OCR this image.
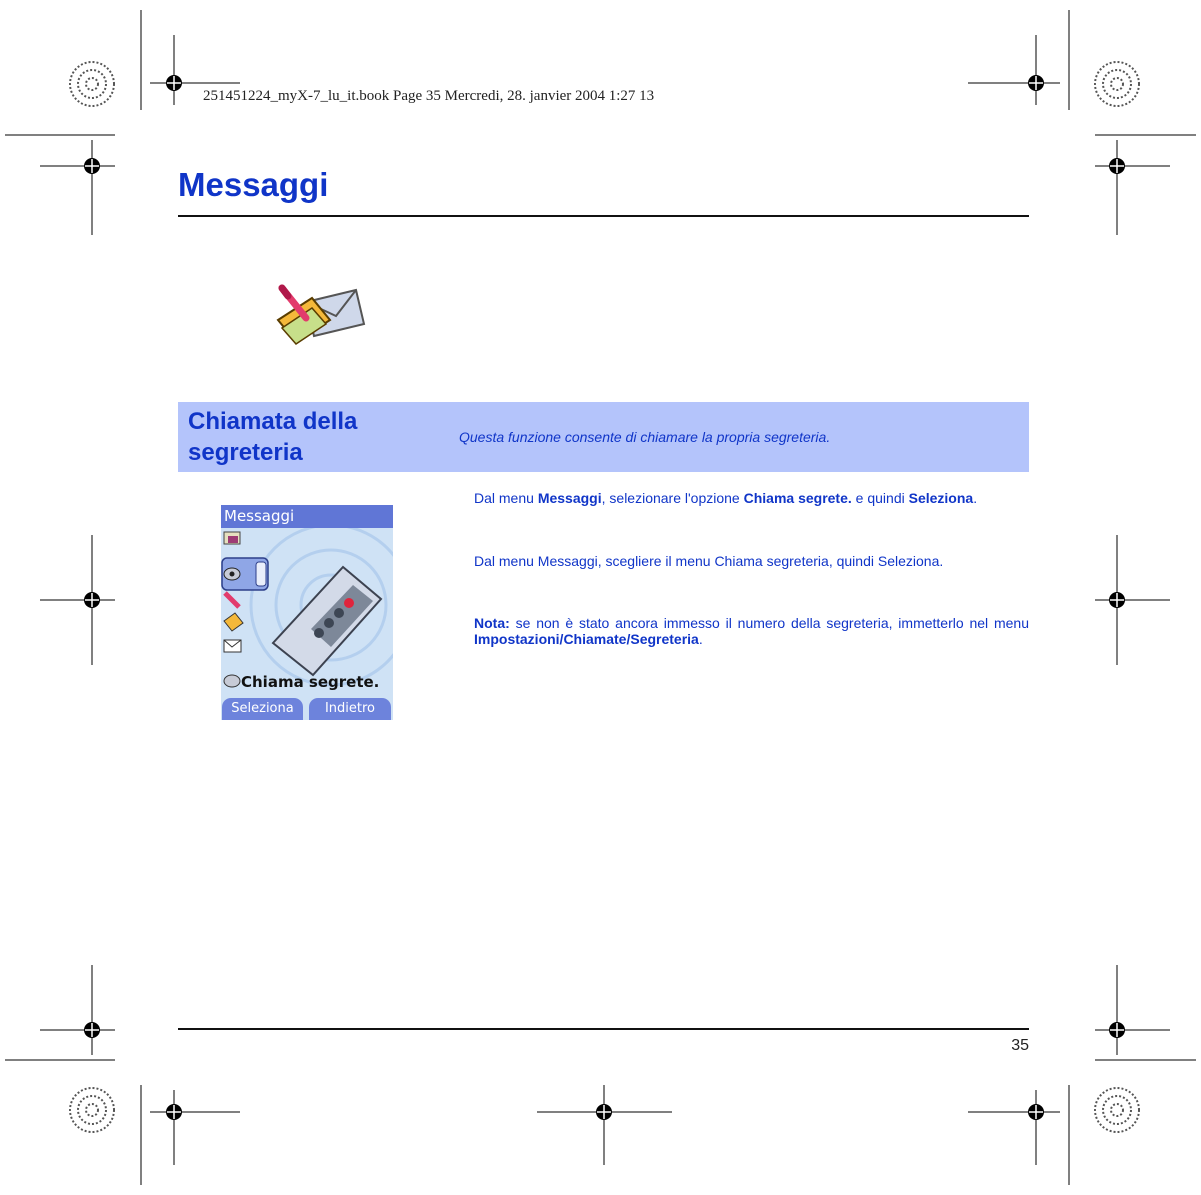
251451224_myX-7_lu_it.book Page 35 Mercredi, 28. janvier 2004 1:27 13
Messaggi
Chiamata della segreteria
Questa funzione consente di chiamare la propria segreteria.
Messaggi
Chiama segrete.
Seleziona	Indietro
Dal menu Messaggi, selezionare l'opzione Chiama segrete. e quindi Seleziona.
Dal menu Messaggi, scegliere il menu Chiama segreteria, quindi Seleziona.
Nota: se non è stato ancora immesso il numero della segreteria, immetterlo nel menu Impostazioni/Chiamate/Segreteria.
35
